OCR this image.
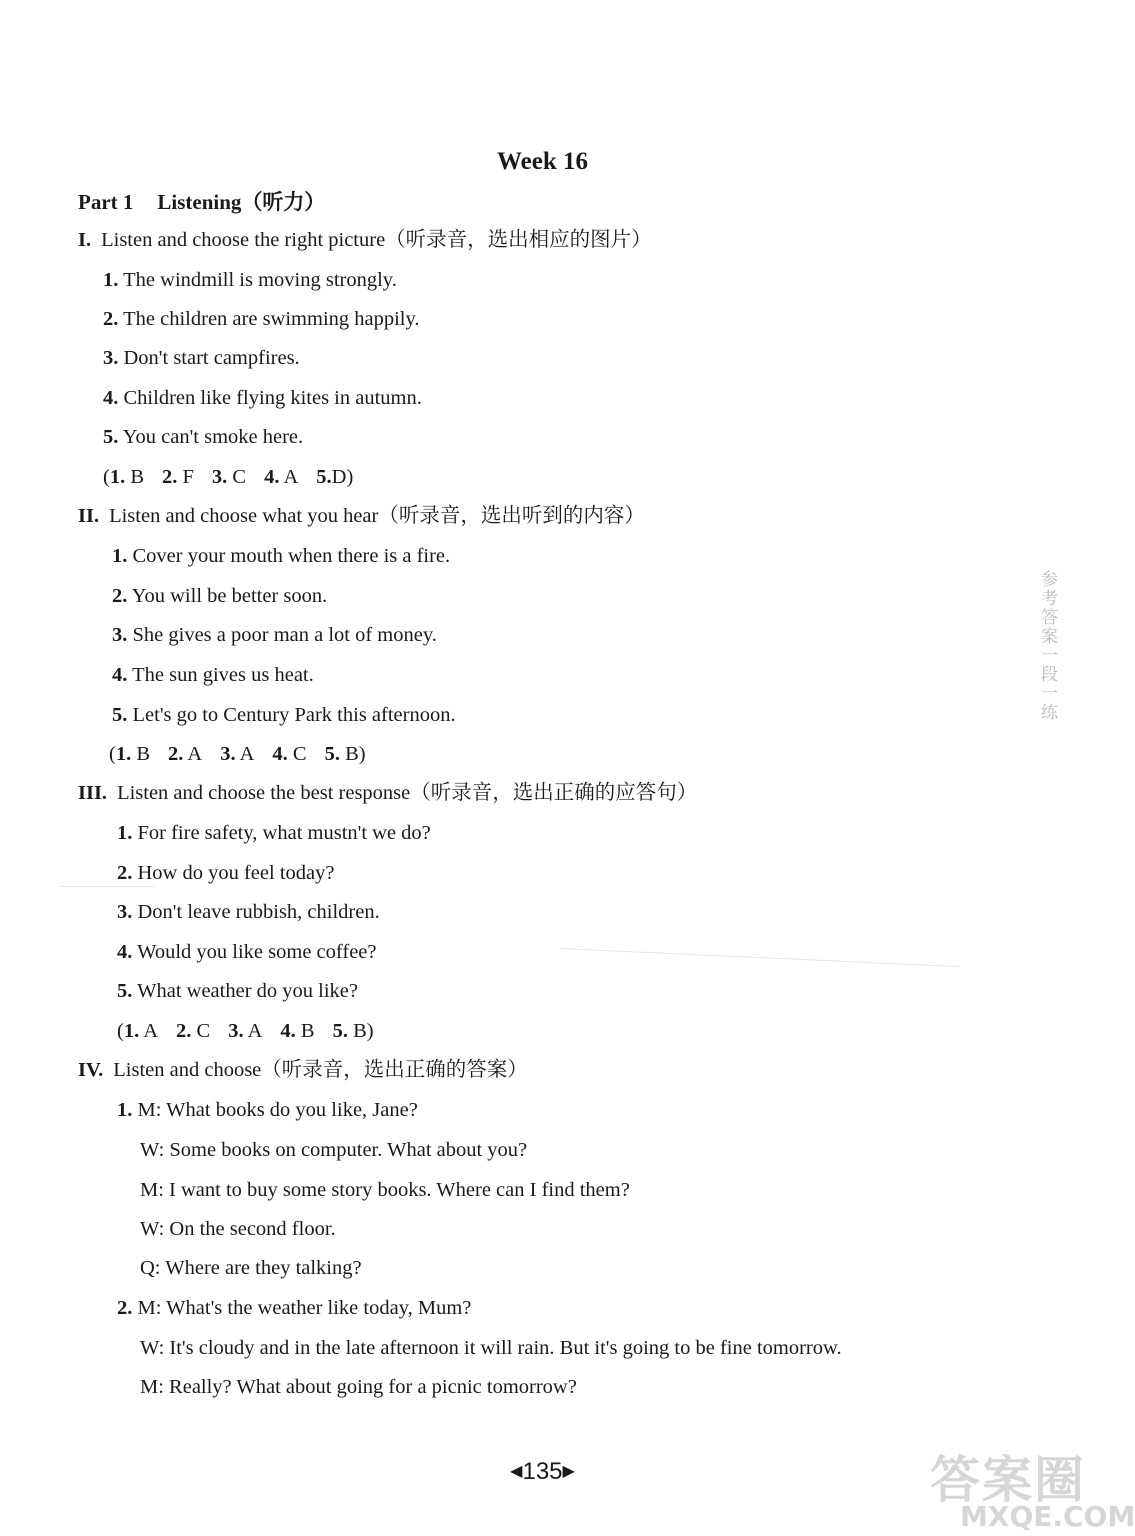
Week 16
Part 1 Listening（听力）
I. Listen and choose the right picture（听录音，选出相应的图片）
1. The windmill is moving strongly.
2. The children are swimming happily.
3. Don't start campfires.
4. Children like flying kites in autumn.
5. You can't smoke here.
(1. B 2. F 3. C 4. A 5.D)
II. Listen and choose what you hear（听录音，选出听到的内容）
1. Cover your mouth when there is a fire.
2. You will be better soon.
3. She gives a poor man a lot of money.
4. The sun gives us heat.
5. Let's go to Century Park this afternoon.
(1. B 2. A 3. A 4. C 5. B)
III. Listen and choose the best response（听录音，选出正确的应答句）
1. For fire safety, what mustn't we do?
2. How do you feel today?
3. Don't leave rubbish, children.
4. Would you like some coffee?
5. What weather do you like?
(1. A 2. C 3. A 4. B 5. B)
IV. Listen and choose（听录音，选出正确的答案）
1. M: What books do you like, Jane?
W: Some books on computer. What about you?
M: I want to buy some story books. Where can I find them?
W: On the second floor.
Q: Where are they talking?
2. M: What's the weather like today, Mum?
W: It's cloudy and in the late afternoon it will rain. But it's going to be fine tomorrow.
M: Really? What about going for a picnic tomorrow?
◀135▶
参考答案一段一练
答案圈
MXQE.COM
